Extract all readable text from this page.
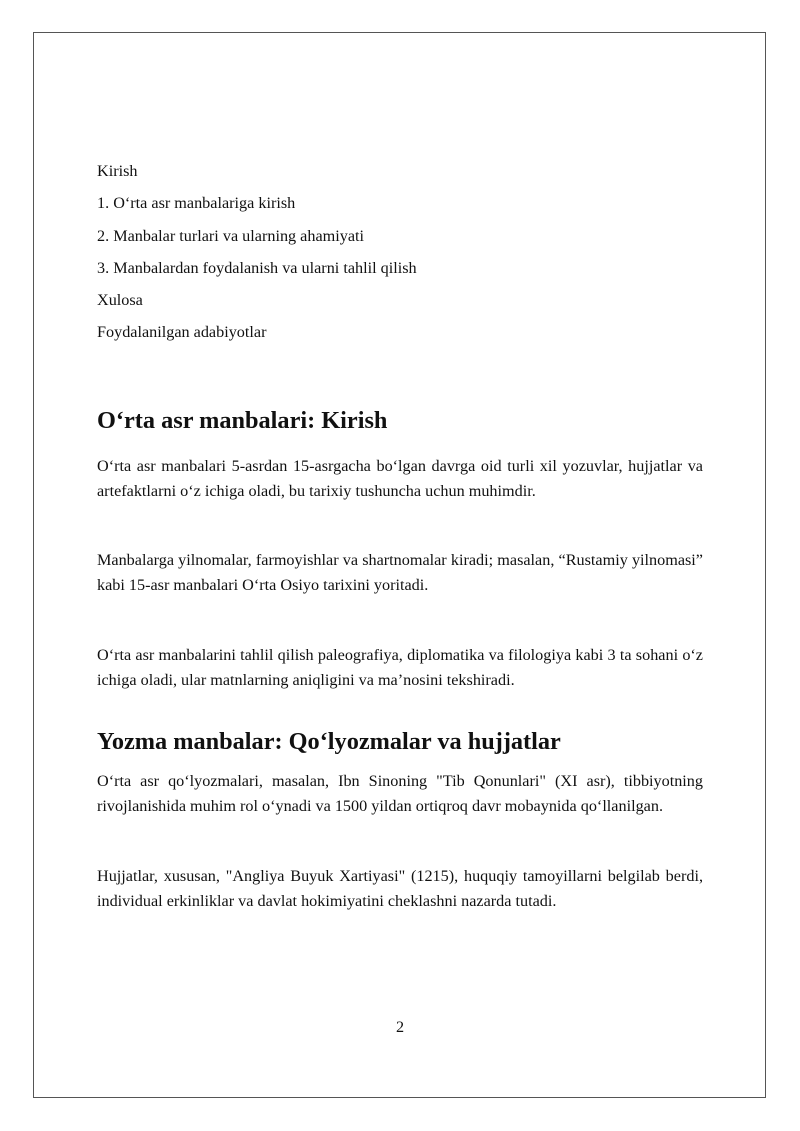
Kirish

1. O‘rta asr manbalariga kirish

2. Manbalar turlari va ularning ahamiyati

3. Manbalardan foydalanish va ularni tahlil qilish

Xulosa

Foydalanilgan adabiyotlar

O‘rta asr manbalari: Kirish

O‘rta asr manbalari 5-asrdan 15-asrgacha bo‘lgan davrga oid turli xil yozuvlar, hujjatlar va artefaktlarni o‘z ichiga oladi, bu tarixiy tushuncha uchun muhimdir.

Manbalarga yilnomalar, farmoyishlar va shartnomalar kiradi; masalan, “Rustamiy yilnomasi” kabi 15-asr manbalari O‘rta Osiyo tarixini yoritadi.

O‘rta asr manbalarini tahlil qilish paleografiya, diplomatika va filologiya kabi 3 ta sohani o‘z ichiga oladi, ular matnlarning aniqligini va ma’nosini tekshiradi.

Yozma manbalar: Qo‘lyozmalar va hujjatlar

O‘rta asr qo‘lyozmalari, masalan, Ibn Sinoning "Tib Qonunlari" (XI asr), tibbiyotning rivojlanishida muhim rol o‘ynadi va 1500 yildan ortiqroq davr mobaynida qo‘llanilgan.

Hujjatlar, xususan, "Angliya Buyuk Xartiyasi" (1215), huquqiy tamoyillarni belgilab berdi, individual erkinliklar va davlat hokimiyatini cheklashni nazarda tutadi.

2
